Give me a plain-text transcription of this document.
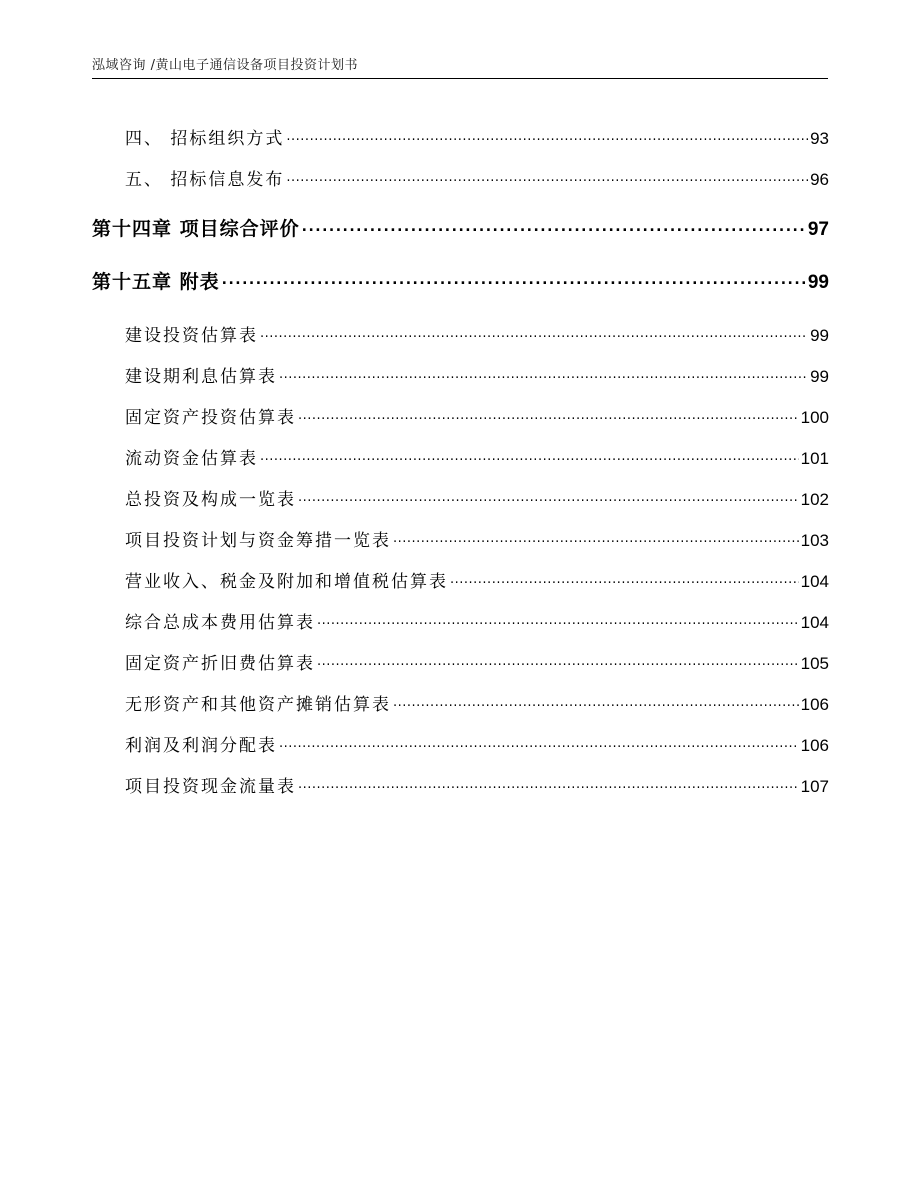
泓域咨询 /黄山电子通信设备项目投资计划书
四、 招标组织方式 .....	93
五、 招标信息发布 .....	96
第十四章 项目综合评价 .....	97
第十五章 附表 .....	99
建设投资估算表 .....	99
建设期利息估算表 .....	99
固定资产投资估算表 .....	100
流动资金估算表 .....	101
总投资及构成一览表 .....	102
项目投资计划与资金筹措一览表 .....	103
营业收入、税金及附加和增值税估算表 .....	104
综合总成本费用估算表 .....	104
固定资产折旧费估算表 .....	105
无形资产和其他资产摊销估算表 .....	106
利润及利润分配表 .....	106
项目投资现金流量表 .....	107
